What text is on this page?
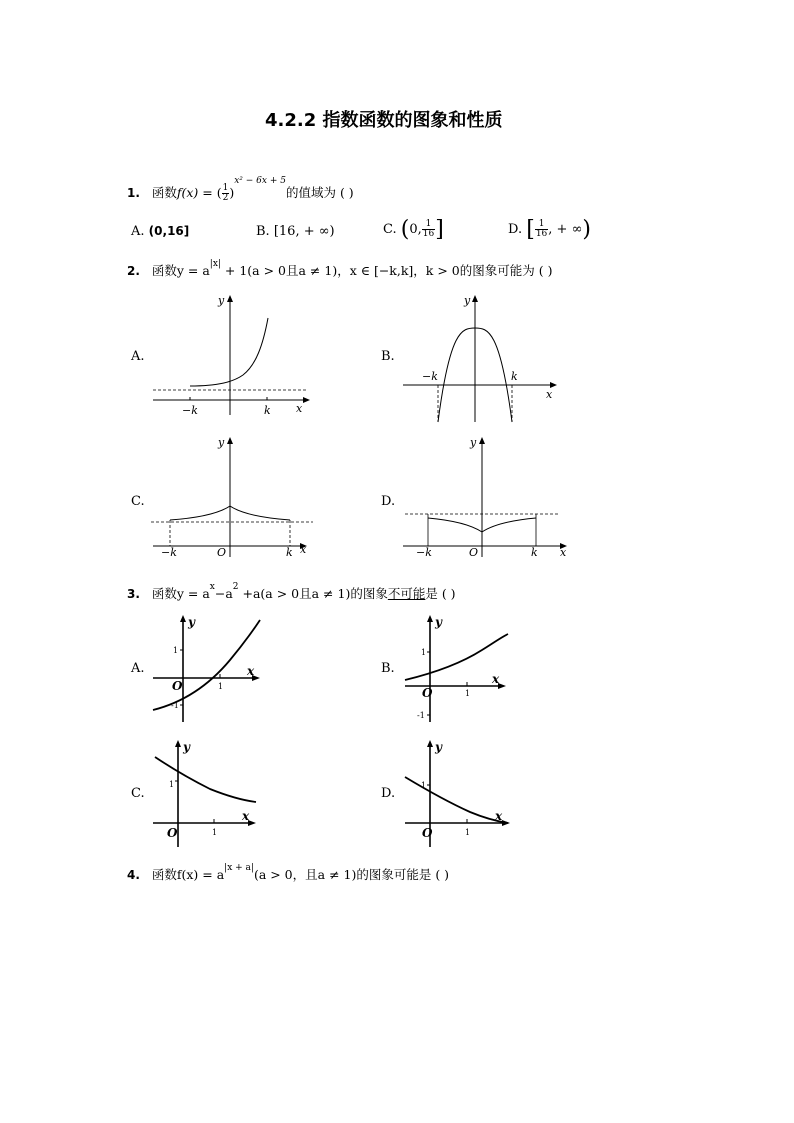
4.2.2 指数函数的图象和性质
1. 函数f(x) = ( $\frac{1}{2} )^{x^2 - 6x + 5}$的值域为 ( )
A. (0,16]	B. [16, + ∞)	C. (0, $\frac{1}{16}$ ]	D. [ $\frac{1}{16}$ , + ∞)
2. 函数$y = a^{|x|} + 1(a > 0$且a ≠ 1)，x ∈ [−k,k]，k > 0的图象可能为 ( )
A.	B.
C.	D.
−k	k x
y
−k	k
x
y
−k	O	k x
y
−k	O	k x
y
3. 函数$y = a^x-a^2 +a(a > 0$且a ≠ 1)的图象不可能是 ( )
A.	B.
C.	D.
O	1
1
-1
x
y
O	1
1
-1
x
y
O	1
1
x
y
O	1
1
x
y
4. 函数$f(x) = a^{|x + a|}(a > 0$，且a ≠ 1)的图象可能是 ( )
